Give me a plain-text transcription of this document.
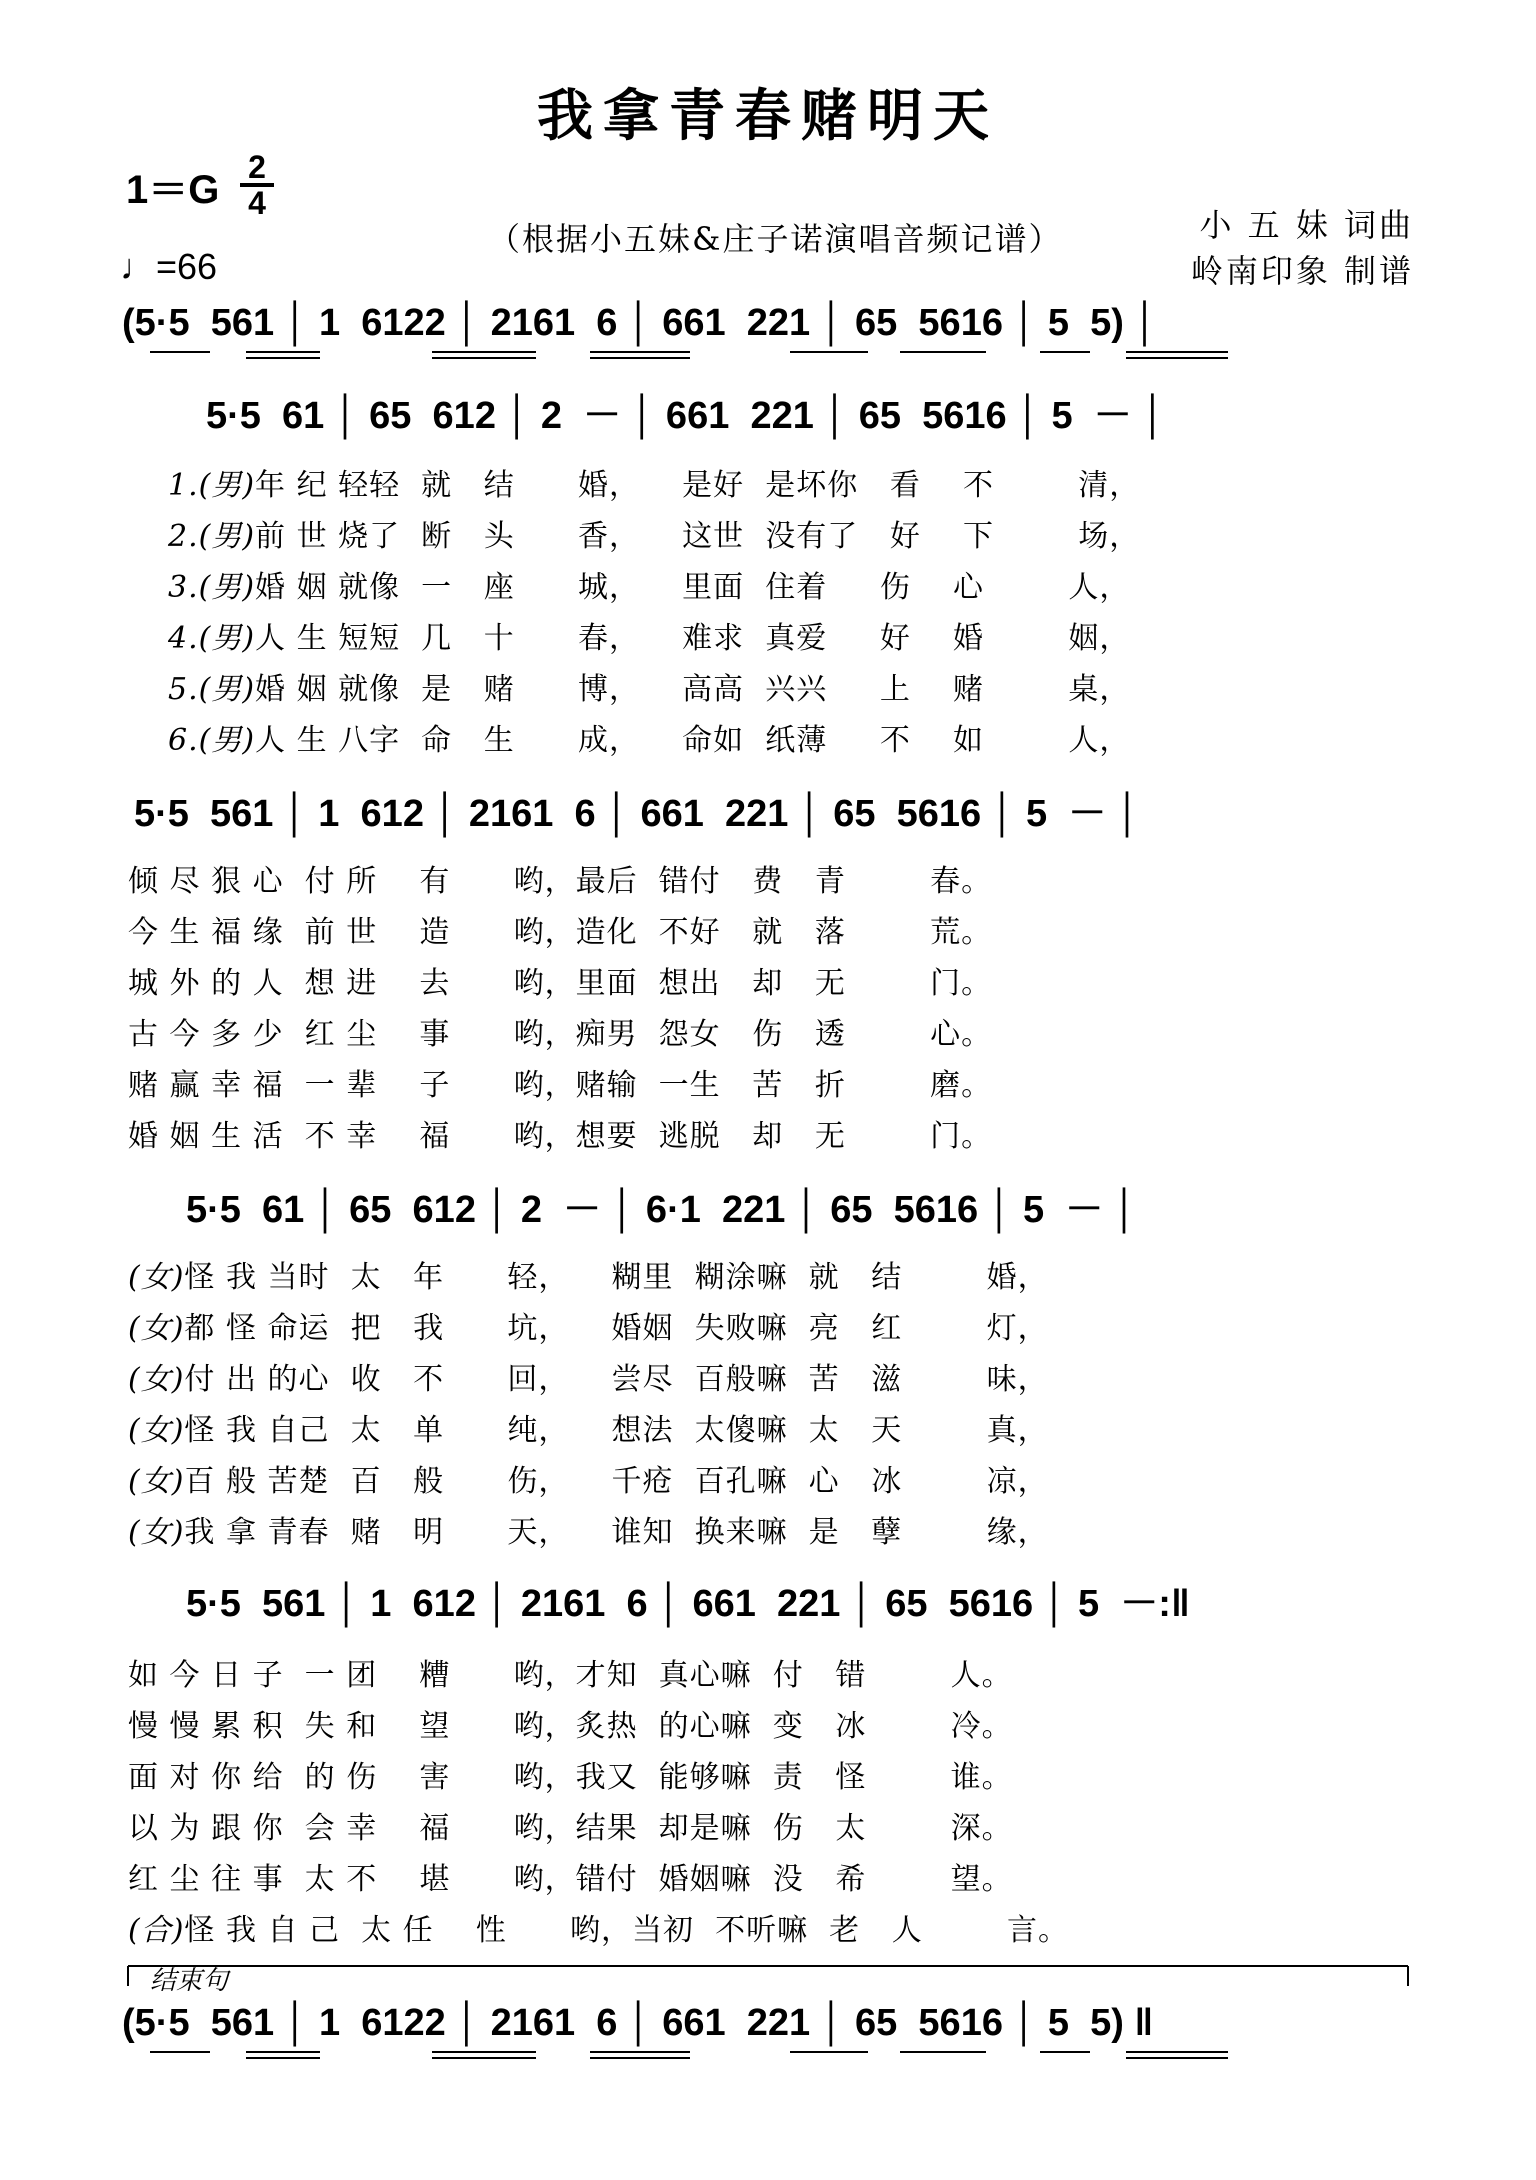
我拿青春赌明天
1＝G
2
4
♩=66
（根据小五妹&庄子诺演唱音频记谱）	小 五 妹 词曲
岭南印象 制谱
(5·5  561 │ 1  6122 │ 2161  6 │ 661  221 │ 65  5616 │ 5  5) │
5·5  61 │ 65  612 │ 2  － │ 661  221 │ 65  5616 │ 5  － │
1.(男)年 纪 轻轻  就   结      婚，    是好  是坏你   看    不        清，
2.(男)前 世 烧了  断   头      香，    这世  没有了   好    下        场，
3.(男)婚 姻 就像  一   座      城，    里面  住着     伤    心        人，
4.(男)人 生 短短  几   十      春，    难求  真爱     好    婚        姻，
5.(男)婚 姻 就像  是   赌      博，    高高  兴兴     上    赌        桌，
6.(男)人 生 八字  命   生      成，    命如  纸薄     不    如        人，
5·5  561 │ 1  612 │ 2161  6 │ 661  221 │ 65  5616 │ 5  － │
倾 尽 狠 心  付 所    有      哟，最后  错付   费   青        春。
今 生 福 缘  前 世    造      哟，造化  不好   就   落        荒。
城 外 的 人  想 进    去      哟，里面  想出   却   无        门。
古 今 多 少  红 尘    事      哟，痴男  怨女   伤   透        心。
赌 赢 幸 福  一 辈    子      哟，赌输  一生   苦   折        磨。
婚 姻 生 活  不 幸    福      哟，想要  逃脱   却   无        门。
5·5  61 │ 65  612 │ 2  － │ 6·1  221 │ 65  5616 │ 5  － │
(女)怪 我 当时  太   年      轻，    糊里  糊涂嘛  就   结        婚，
(女)都 怪 命运  把   我      坑，    婚姻  失败嘛  亮   红        灯，
(女)付 出 的心  收   不      回，    尝尽  百般嘛  苦   滋        味，
(女)怪 我 自己  太   单      纯，    想法  太傻嘛  太   天        真，
(女)百 般 苦楚  百   般      伤，    千疮  百孔嘛  心   冰        凉，
(女)我 拿 青春  赌   明      天，    谁知  换来嘛  是   孽        缘，
5·5  561 │ 1  612 │ 2161  6 │ 661  221 │ 65  5616 │ 5  －:‖
如 今 日 子  一 团    糟      哟，才知  真心嘛  付   错        人。
慢 慢 累 积  失 和    望      哟，炙热  的心嘛  变   冰        冷。
面 对 你 给  的 伤    害      哟，我又  能够嘛  责   怪        谁。
以 为 跟 你  会 幸    福      哟，结果  却是嘛  伤   太        深。
红 尘 往 事  太 不    堪      哟，错付  婚姻嘛  没   希        望。
(合)怪 我 自 己  太 任    性      哟，当初  不听嘛  老   人        言。
结束句
(5·5  561 │ 1  6122 │ 2161  6 │ 661  221 │ 65  5616 │ 5  5) ‖
